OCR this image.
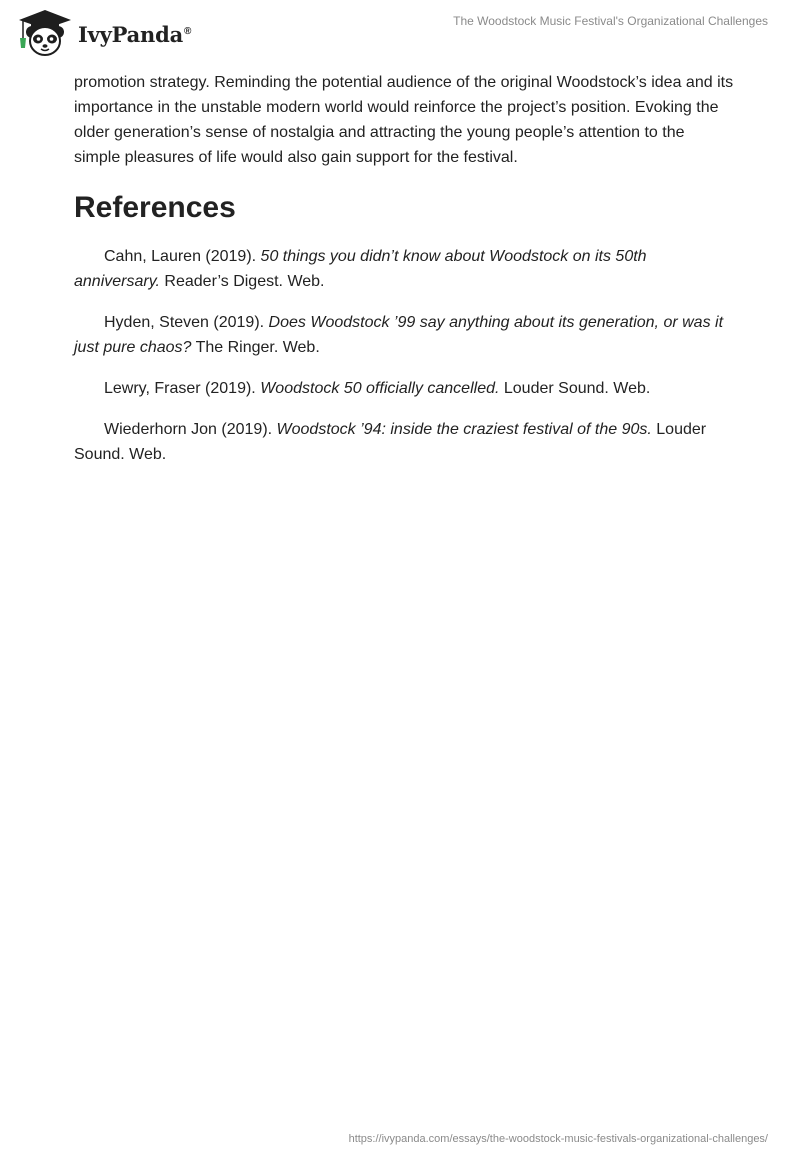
IvyPanda®
The Woodstock Music Festival's Organizational Challenges

promotion strategy. Reminding the potential audience of the original Woodstock’s idea and its importance in the unstable modern world would reinforce the project’s position. Evoking the older generation’s sense of nostalgia and attracting the young people’s attention to the simple pleasures of life would also gain support for the festival.

References

Cahn, Lauren (2019). 50 things you didn’t know about Woodstock on its 50th anniversary. Reader’s Digest. Web.

Hyden, Steven (2019). Does Woodstock ’99 say anything about its generation, or was it just pure chaos? The Ringer. Web.

Lewry, Fraser (2019). Woodstock 50 officially cancelled. Louder Sound. Web.

Wiederhorn Jon (2019). Woodstock ’94: inside the craziest festival of the 90s. Louder Sound. Web.

https://ivypanda.com/essays/the-woodstock-music-festivals-organizational-challenges/
